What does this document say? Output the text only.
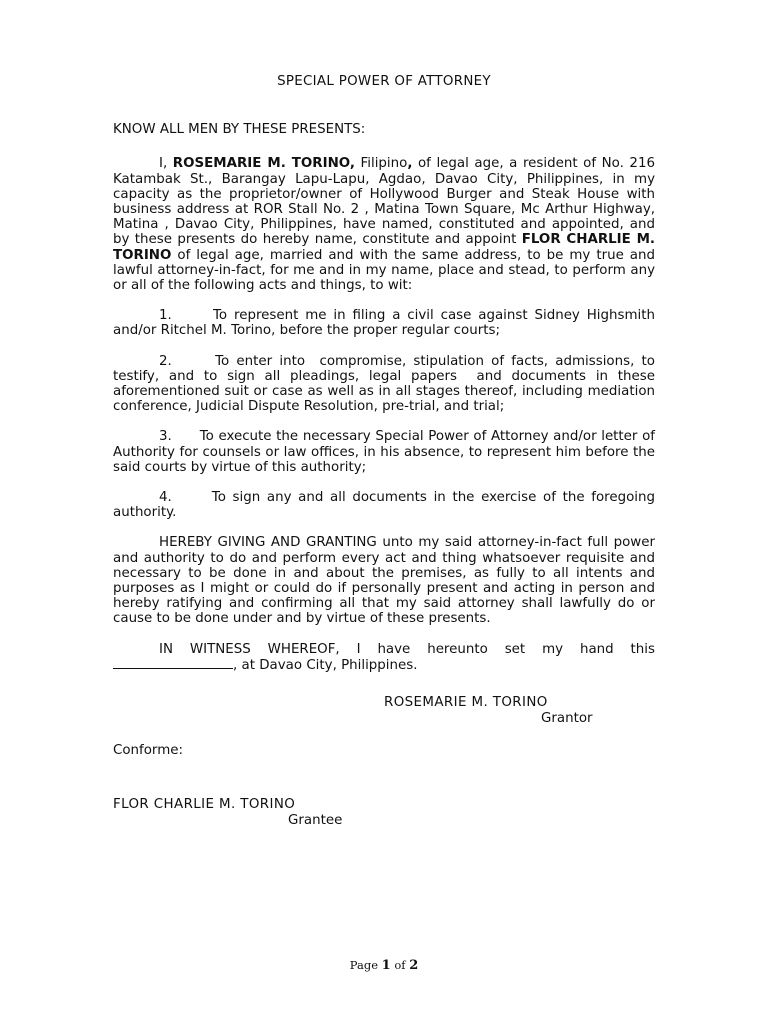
SPECIAL POWER OF ATTORNEY
KNOW ALL MEN BY THESE PRESENTS:

I, ROSEMARIE M. TORINO, Filipino, of legal age, a resident of No. 216 Katambak St., Barangay Lapu-Lapu, Agdao, Davao City, Philippines, in my capacity as the proprietor/owner of Hollywood Burger and Steak House with business address at ROR Stall No. 2 , Matina Town Square, Mc Arthur Highway, Matina , Davao City, Philippines, have named, constituted and appointed, and by these presents do hereby name, constitute and appoint FLOR CHARLIE M. TORINO of legal age, married and with the same address, to be my true and lawful attorney-in-fact, for me and in my name, place and stead, to perform any or all of the following acts and things, to wit:

1.      To represent me in filing a civil case against Sidney Highsmith and/or Ritchel M. Torino, before the proper regular courts;

2.      To enter into  compromise, stipulation of facts, admissions, to testify, and to sign all pleadings, legal papers  and documents in these aforementioned suit or case as well as in all stages thereof, including mediation conference, Judicial Dispute Resolution, pre-trial, and trial;

3.      To execute the necessary Special Power of Attorney and/or letter of Authority for counsels or law offices, in his absence, to represent him before the said courts by virtue of this authority;

4.      To sign any and all documents in the exercise of the foregoing authority.

HEREBY GIVING AND GRANTING unto my said attorney-in-fact full power and authority to do and perform every act and thing whatsoever requisite and necessary to be done in and about the premises, as fully to all intents and purposes as I might or could do if personally present and acting in person and hereby ratifying and confirming all that my said attorney shall lawfully do or cause to be done under and by virtue of these presents.

IN WITNESS WHEREOF, I have hereunto set my hand this , at Davao City, Philippines.

ROSEMARIE M. TORINO
Grantor
Conforme:
FLOR CHARLIE M. TORINO
Grantee
Page 1 of 2
